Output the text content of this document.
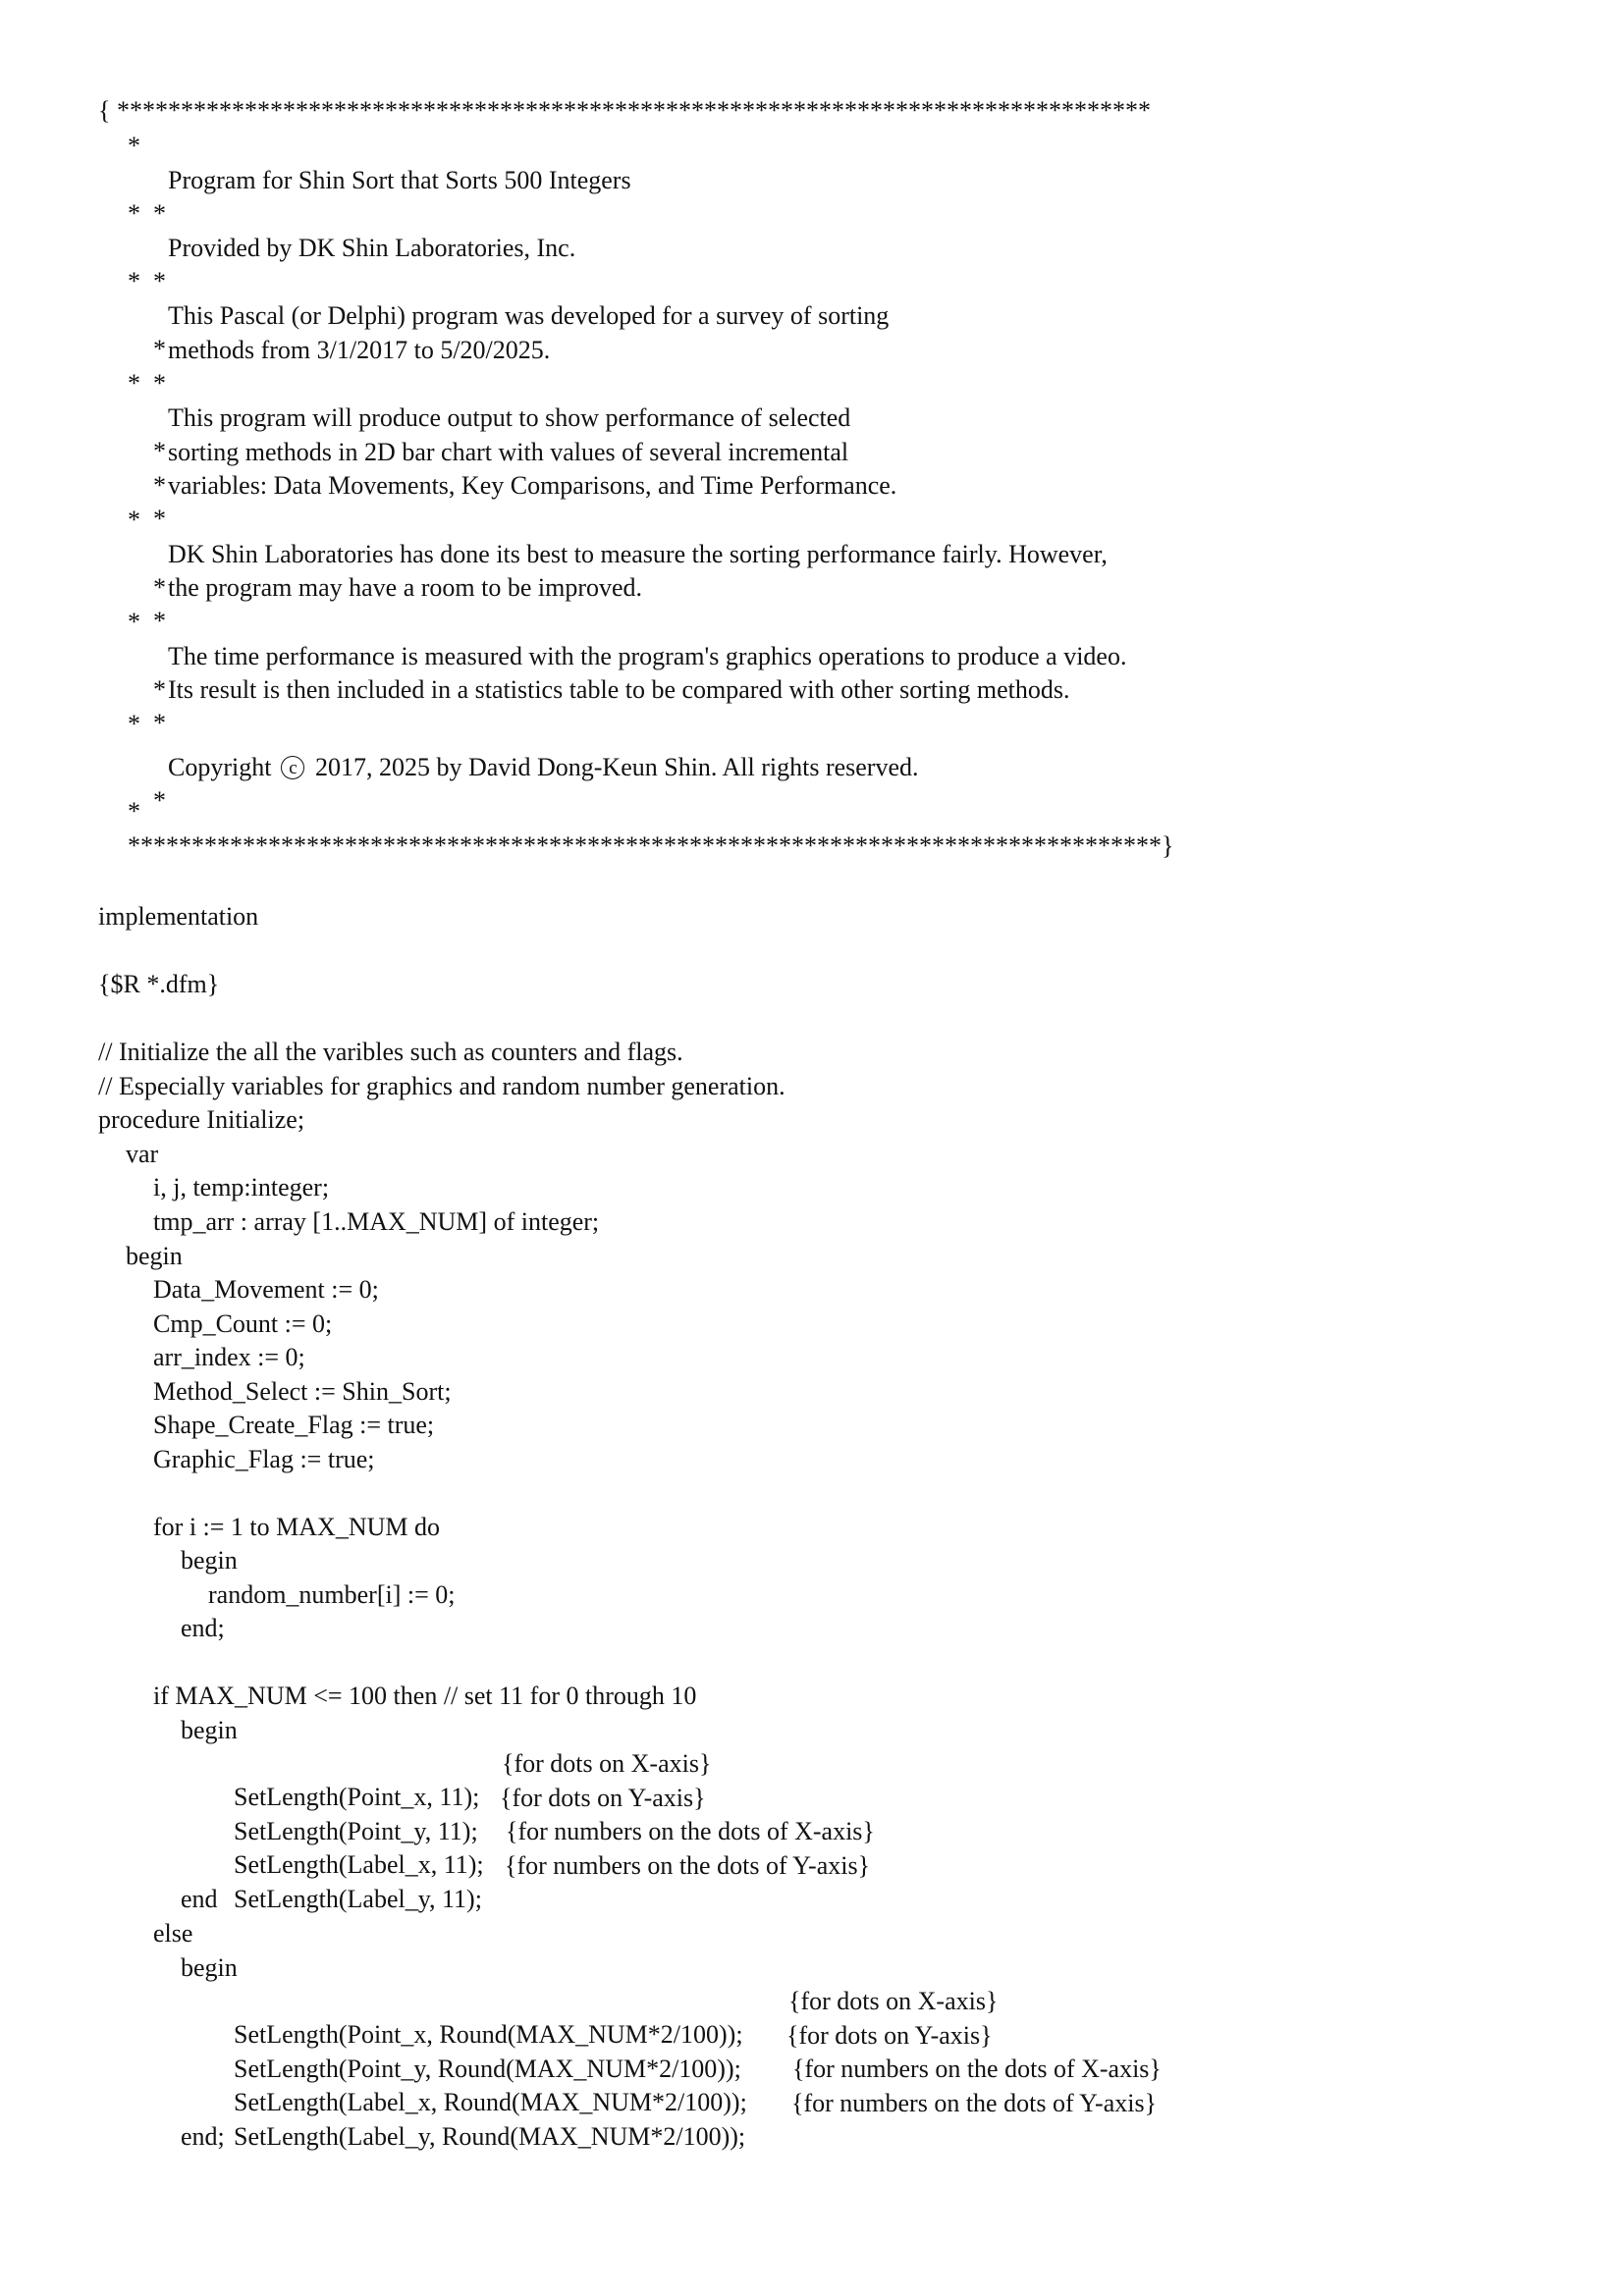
{ *********************************************************************************
*

*

Program for Shin Sort that Sorts 500 Integers

*

*

Provided by DK Shin Laboratories, Inc.

*

*

This Pascal (or Delphi) program was developed for a survey of sorting

*

methods from 3/1/2017 to 5/20/2025.

*

*

This program will produce output to show performance of selected

*

sorting methods in 2D bar chart with values of several incremental

*

variables: Data Movements, Key Comparisons, and Time Performance.

*

*

DK Shin Laboratories has done its best to measure the sorting performance fairly. However,

*

the program may have a room to be improved.

*

*

The time performance is measured with the program's graphics operations to produce a video.

*

Its result is then included in a statistics table to be compared with other sorting methods.

*

*

Copyright c 2017, 2025 by David Dong-Keun Shin. All rights reserved.

*
*********************************************************************************}
implementation
{$R *.dfm}
// Initialize the all the varibles such as counters and flags.
// Especially variables for graphics and random number generation.
procedure Initialize;
var
i, j, temp:integer;
tmp_arr : array [1..MAX_NUM] of integer;
begin
Data_Movement := 0;
Cmp_Count := 0;
arr_index := 0;
Method_Select := Shin_Sort;
Shape_Create_Flag := true;
Graphic_Flag := true;
for i := 1 to MAX_NUM do
begin
random_number[i] := 0;
end;
if MAX_NUM <= 100 then // set 11 for 0 through 10
begin

SetLength(Point_x, 11);

{for dots on X-axis}

SetLength(Point_y, 11);

{for dots on Y-axis}

SetLength(Label_x, 11);

{for numbers on the dots of X-axis}

SetLength(Label_y, 11);

{for numbers on the dots of Y-axis}

end
else
begin

SetLength(Point_x, Round(MAX_NUM*2/100));

{for dots on X-axis}

SetLength(Point_y, Round(MAX_NUM*2/100));

{for dots on Y-axis}

SetLength(Label_x, Round(MAX_NUM*2/100));

{for numbers on the dots of X-axis}

SetLength(Label_y, Round(MAX_NUM*2/100));

{for numbers on the dots of Y-axis}

end;
